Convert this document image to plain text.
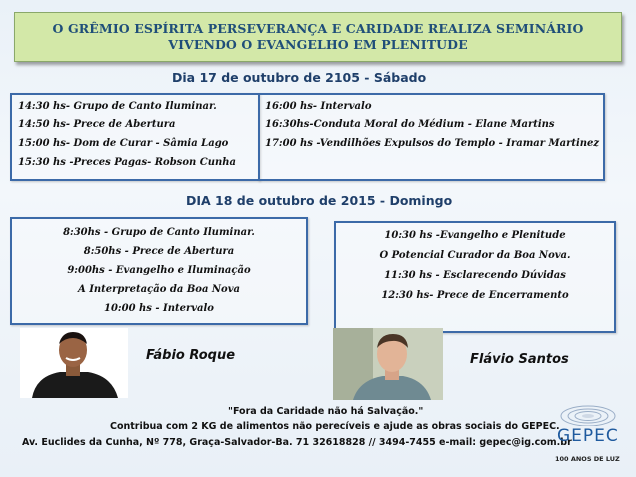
O GRÊMIO ESPÍRITA PERSEVERANÇA E CARIDADE REALIZA SEMINÁRIO
VIVENDO O EVANGELHO EM PLENITUDE
Dia 17 de outubro de 2105 - Sábado
14:30 hs- Grupo de Canto Iluminar.
14:50 hs- Prece de Abertura
15:00 hs- Dom de Curar - Sâmia Lago
15:30 hs -Preces Pagas- Robson Cunha
16:00 hs- Intervalo
16:30hs-Conduta Moral do Médium - Elane Martins
17:00 hs -Vendilhões Expulsos do Templo - Iramar Martinez
DIA 18 de outubro de 2015 - Domingo
8:30hs - Grupo de Canto Iluminar.
8:50hs - Prece de Abertura
9:00hs - Evangelho e Iluminação
A Interpretação da Boa Nova
10:00 hs - Intervalo
10:30 hs -Evangelho e Plenitude
O Potencial Curador da Boa Nova.
11:30 hs - Esclarecendo Dúvidas
12:30 hs- Prece de Encerramento
Fábio Roque	Flávio Santos
"Fora da Caridade não há Salvação."
Contribua com 2 KG de alimentos não perecíveis e ajude as obras sociais do GEPEC.
Av. Euclides da Cunha, Nº 778, Graça-Salvador-Ba. 71 32618828 // 3494-7455 e-mail: gepec@ig.com.br
GEPEC
100 ANOS DE LUZ
